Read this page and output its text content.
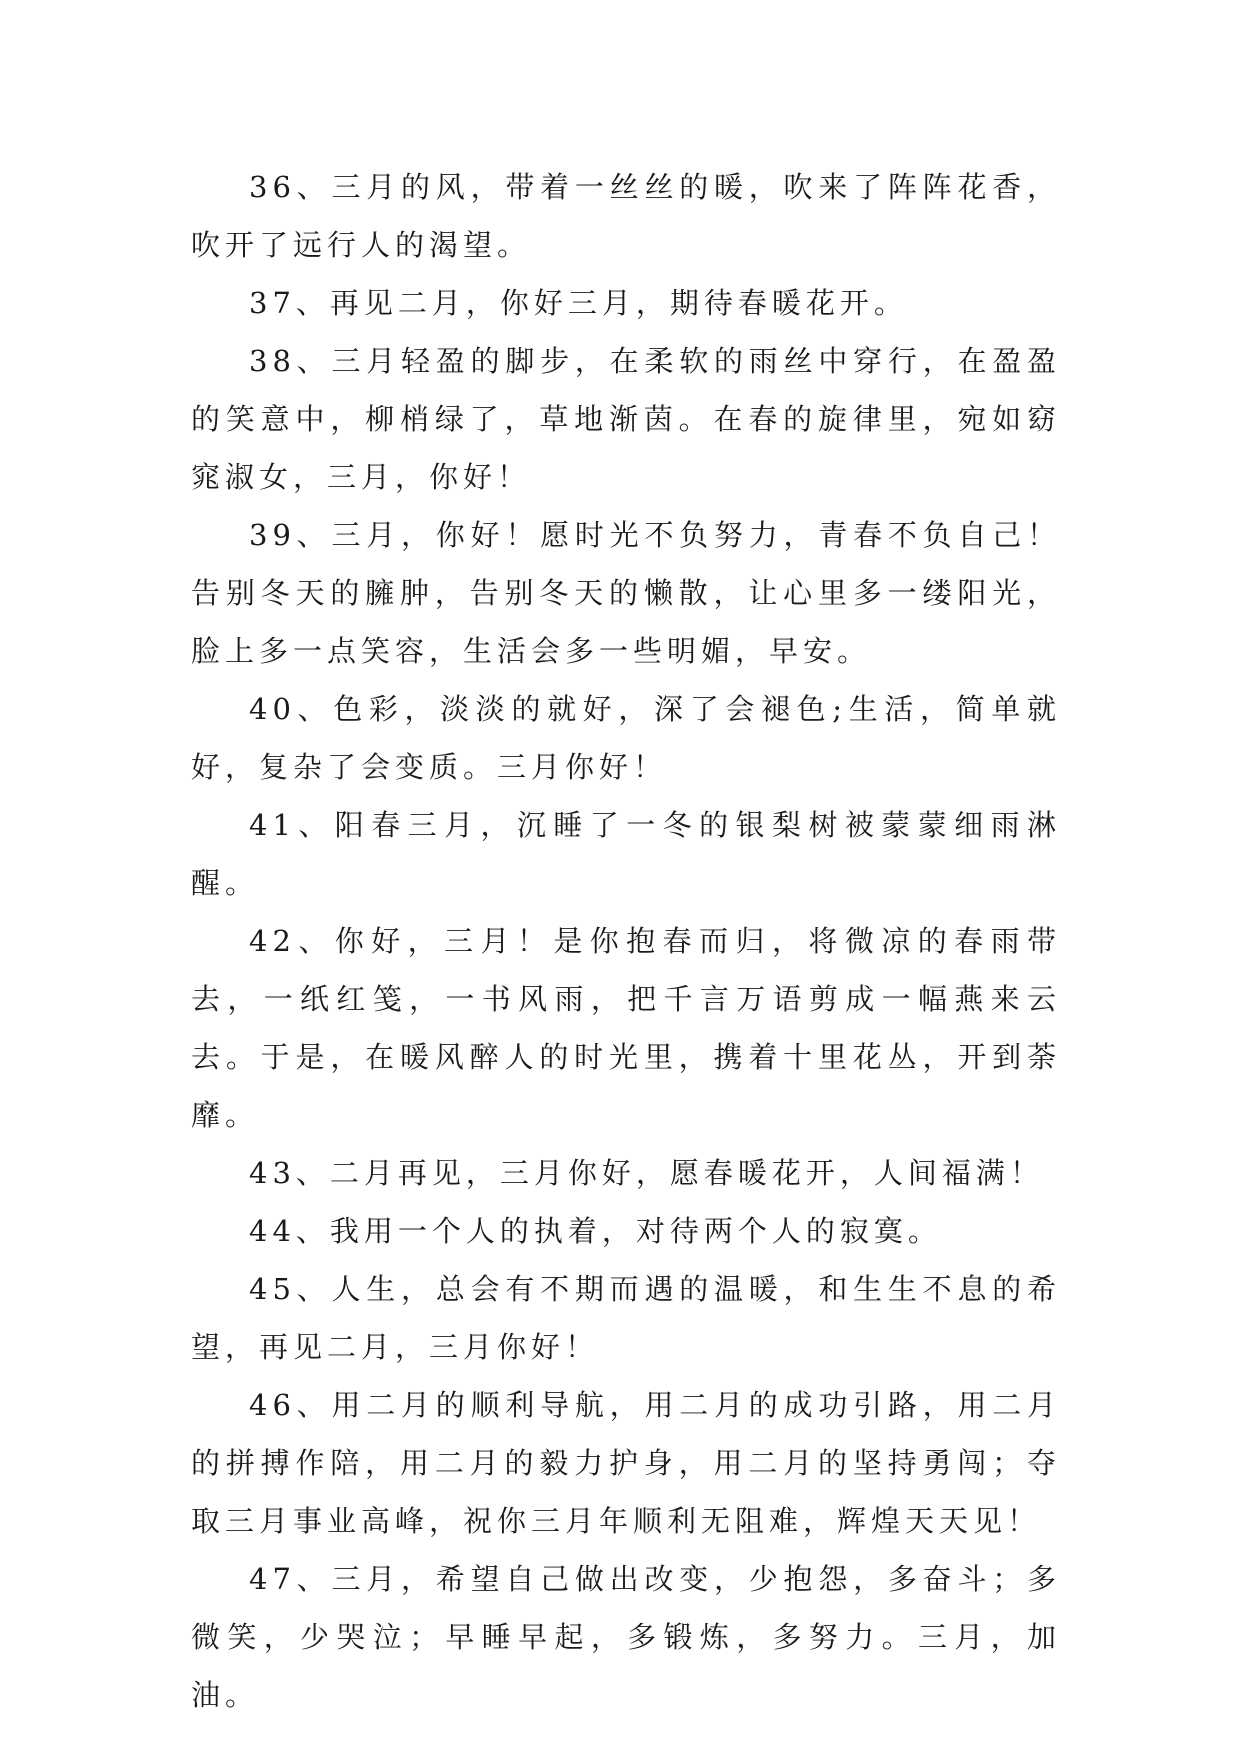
36、三月的风，带着一丝丝的暖，吹来了阵阵花香，吹开了远行人的渴望。

37、再见二月，你好三月，期待春暖花开。

38、三月轻盈的脚步，在柔软的雨丝中穿行，在盈盈的笑意中，柳梢绿了，草地渐茵。在春的旋律里，宛如窈窕淑女，三月，你好！

39、三月，你好！愿时光不负努力，青春不负自己！告别冬天的臃肿，告别冬天的懒散，让心里多一缕阳光，脸上多一点笑容，生活会多一些明媚，早安。

40、色彩，淡淡的就好，深了会褪色;生活，简单就好，复杂了会变质。三月你好！

41、阳春三月，沉睡了一冬的银梨树被蒙蒙细雨淋醒。

42、你好，三月！是你抱春而归，将微凉的春雨带去，一纸红笺，一书风雨，把千言万语剪成一幅燕来云去。于是，在暖风醉人的时光里，携着十里花丛，开到荼靡。

43、二月再见，三月你好，愿春暖花开，人间福满！

44、我用一个人的执着，对待两个人的寂寞。

45、人生，总会有不期而遇的温暖，和生生不息的希望，再见二月，三月你好！

46、用二月的顺利导航，用二月的成功引路，用二月的拼搏作陪，用二月的毅力护身，用二月的坚持勇闯；夺取三月事业高峰，祝你三月年顺利无阻难，辉煌天天见！

47、三月，希望自己做出改变，少抱怨，多奋斗；多微笑，少哭泣；早睡早起，多锻炼，多努力。三月，加油。
